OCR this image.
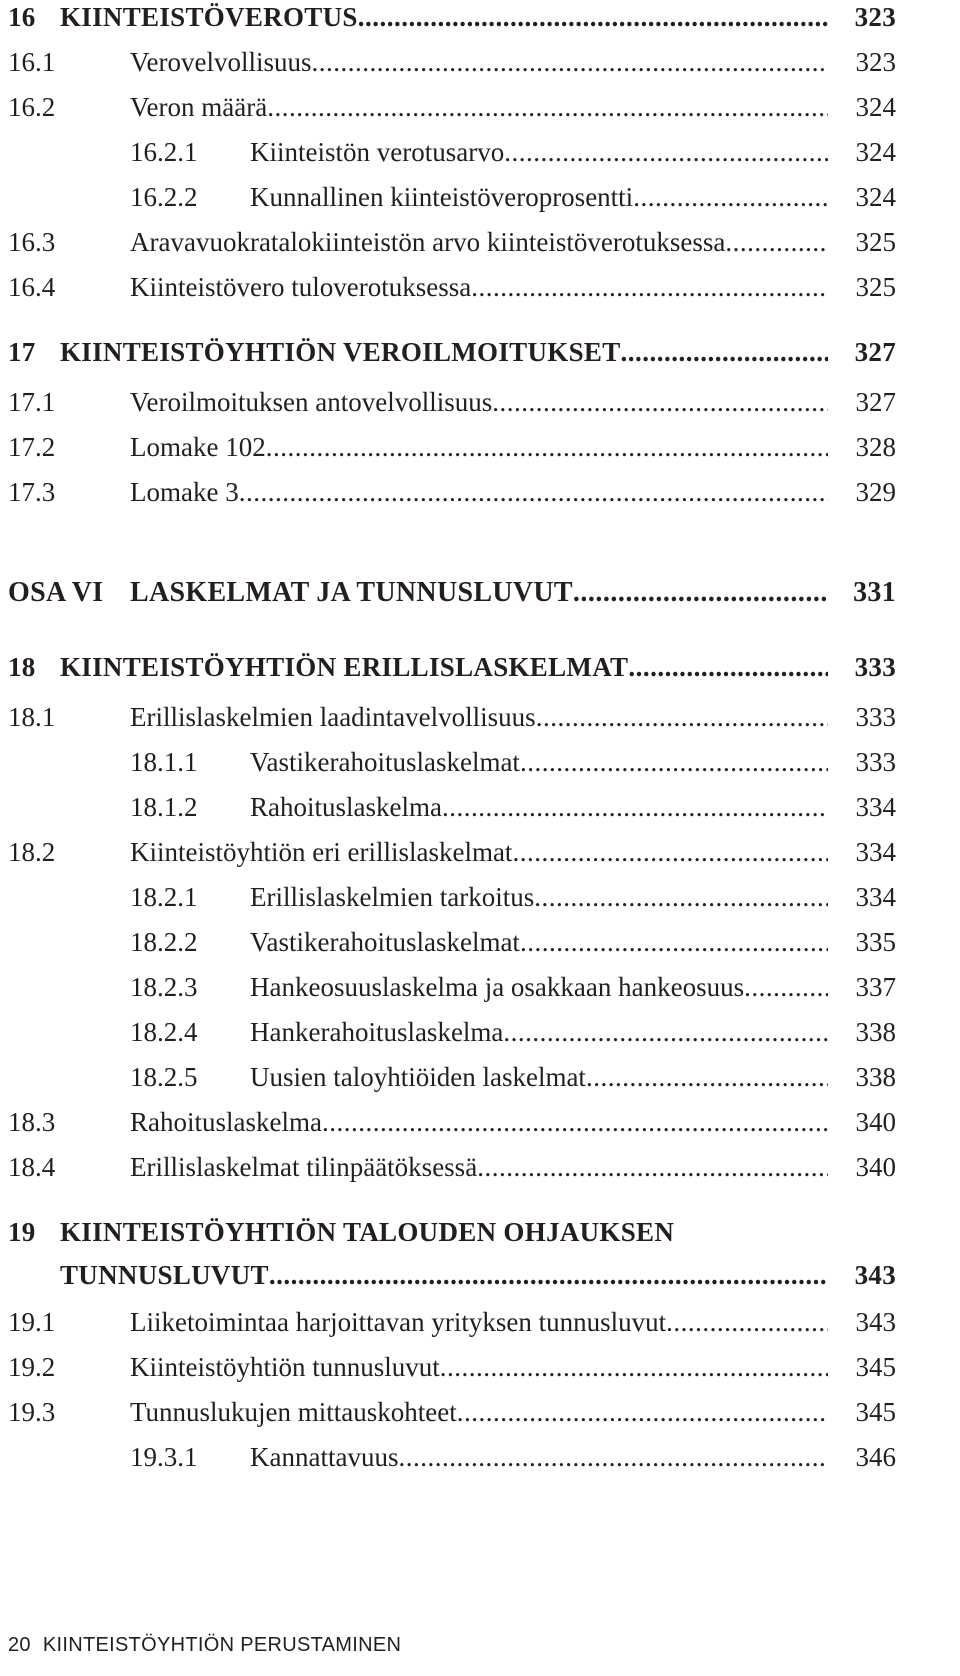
16 KIINTEISTÖVEROTUS .....	323
16.1	Verovelvollisuus .....	323
16.2	Veron määrä .....	324
16.2.1	Kiinteistön verotusarvo .....	324
16.2.2	Kunnallinen kiinteistöveroprosentti .....	324
16.3	Aravavuokratalokiinteistön arvo kiinteistöverotuksessa .....	325
16.4	Kiinteistövero tuloverotuksessa .....	325
17 KIINTEISTÖYHTIÖN VEROILMOITUKSET .....	327
17.1	Veroilmoituksen antovelvollisuus .....	327
17.2	Lomake 102 .....	328
17.3	Lomake 3 .....	329
OSA VI LASKELMAT JA TUNNUSLUVUT .....	331
18 KIINTEISTÖYHTIÖN ERILLISLASKELMAT .....	333
18.1	Erillislaskelmien laadintavelvollisuus .....	333
18.1.1	Vastikerahoituslaskelmat .....	333
18.1.2	Rahoituslaskelma .....	334
18.2	Kiinteistöyhtiön eri erillislaskelmat .....	334
18.2.1	Erillislaskelmien tarkoitus .....	334
18.2.2	Vastikerahoituslaskelmat .....	335
18.2.3	Hankeosuuslaskelma ja osakkaan hankeosuus .....	337
18.2.4	Hankerahoituslaskelma .....	338
18.2.5	Uusien taloyhtiöiden laskelmat .....	338
18.3	Rahoituslaskelma .....	340
18.4	Erillislaskelmat tilinpäätöksessä .....	340
19 KIINTEISTÖYHTIÖN TALOUDEN OHJAUKSEN
TUNNUSLUVUT .....	343
19.1	Liiketoimintaa harjoittavan yrityksen tunnusluvut .....	343
19.2	Kiinteistöyhtiön tunnusluvut .....	345
19.3	Tunnuslukujen mittauskohteet .....	345
19.3.1	Kannattavuus .....	346
20 KIINTEISTÖYHTIÖN PERUSTAMINEN
